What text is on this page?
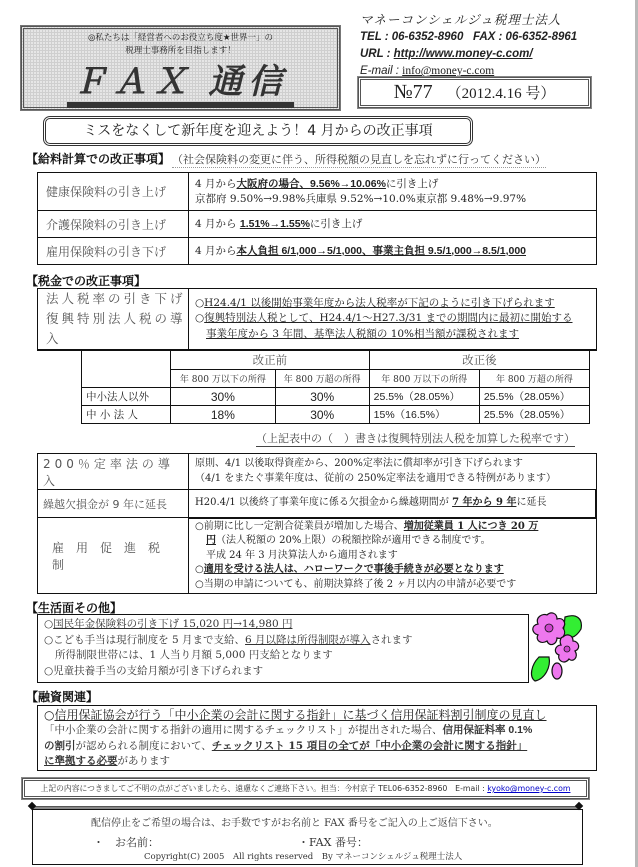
◎私たちは「経営者へのお役立ち度★世界一」の
税理士事務所を目指します！
ＦＡＸ 通信
マネーコンシェルジュ税理士法人
TEL : 06-6352-8960 FAX : 06-6352-8961
URL : http://www.money-c.com/
E-mail : info@money-c.com
№77 （2012.4.16 号）
ミスをなくして新年度を迎えよう！4 月からの改正事項
【給料計算での改正事項】 （社会保険料の変更に伴う、所得税額の見直しを忘れずに行ってください）
健康保険料の引き上げ	4 月から大阪府の場合、9.56%→10.06%に引き上げ
京都府 9.50%→9.98%兵庫県 9.52%→10.0%東京都 9.48%→9.97%

介護保険料の引き上げ	4 月から 1.51%→1.55%に引き上げ
雇用保険料の引き下げ	4 月から本人負担 6/1,000→5/1,000、事業主負担 9.5/1,000→8.5/1,000
【税金での改正事項】
法人税率の引き下げ
復興特別法人税の導入

○H24.4/1 以後開始事業年度から法人税率が下記のように引き下げられます
○復興特別法人税として、H24.4/1～H27.3/31 までの期間内に最初に開始する
事業年度から 3 年間、基準法人税額の 10%相当額が課税されます
	改正前		改正後	
	年 800 万以下の所得	年 800 万超の所得	年 800 万以下の所得	年 800 万超の所得
中小法人以外	30%	30%	25.5%（28.05%）	25.5%（28.05%）
中 小 法 人	18%	30%	15%（16.5%）	25.5%（28.05%）
（上記表中の（　）書きは復興特別法人税を加算した税率です）
200％定率法の導入	原則、4/1 以後取得資産から、200%定率法に償却率が引き下げられます
（4/1 をまたぐ事業年度は、従前の 250%定率法を適用できる特例があります）

繰越欠損金が 9 年に延長	H20.4/1 以後終了事業年度に係る欠損金から繰越期間が 7 年から 9 年に延長
雇用促進税制	○前期に比し一定割合従業員が増加した場合、増加従業員 1 人につき 20 万
円（法人税額の 20%上限）の税額控除が適用できる制度です。
平成 24 年 3 月決算法人から適用されます
○適用を受ける法人は、ハローワークで事後手続きが必要となります
○当期の申請についても、前期決算終了後 2 ヶ月以内の申請が必要です
【生活面その他】
○国民年金保険料の引き下げ 15,020 円→14,980 円
○こども手当は現行制度を 5 月まで支給、6 月以降は所得制限が導入されます
所得制限世帯には、1 人当り月額 5,000 円支給となります
○児童扶養手当の支給月額が引き下げられます
【融資関連】
○信用保証協会が行う「中小企業の会計に関する指針」に基づく信用保証料割引制度の見直し
「中小企業の会計に関する指針の適用に関するチェックリスト」が提出された場合、信用保証料率 0.1%
の割引が認められる制度において、チェックリスト 15 項目の全てが「中小企業の会計に関する指針」
に準拠する必要があります
上記の内容につきましてご不明の点がございましたら、遠慮なくご連絡下さい。担当：今村京子 TEL06-6352-8960　E-mail : kyoko@money-c.com
配信停止をご希望の場合は、お手数ですがお名前と FAX 番号をご記入の上ご返信下さい。
・　お名前：	・FAX 番号：
Copyright(C) 2005　All rights reserved　By マネーコンシェルジュ税理士法人
